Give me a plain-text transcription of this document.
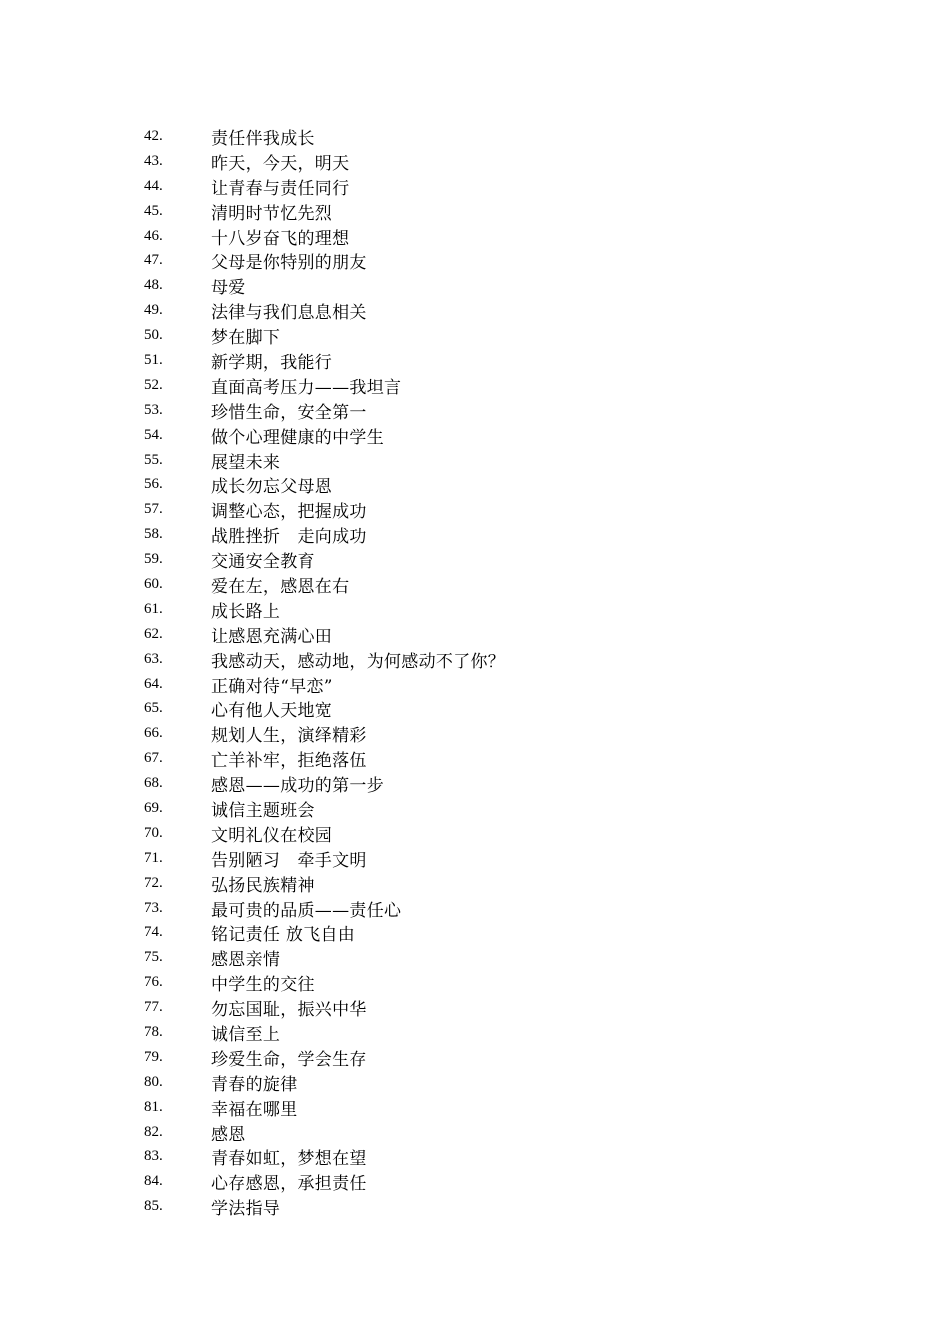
42.	责任伴我成长
43.	昨天，今天，明天
44.	让青春与责任同行
45.	清明时节忆先烈
46.	十八岁奋飞的理想
47.	父母是你特别的朋友
48.	母爱
49.	法律与我们息息相关
50.	梦在脚下
51.	新学期，我能行
52.	直面高考压力——我坦言
53.	珍惜生命，安全第一
54.	做个心理健康的中学生
55.	展望未来
56.	成长勿忘父母恩
57.	调整心态，把握成功
58.	战胜挫折　走向成功
59.	交通安全教育
60.	爱在左，感恩在右
61.	成长路上
62.	让感恩充满心田
63.	我感动天，感动地，为何感动不了你？
64.	正确对待“早恋”
65.	心有他人天地宽
66.	规划人生，演绎精彩
67.	亡羊补牢，拒绝落伍
68.	感恩——成功的第一步
69.	诚信主题班会
70.	文明礼仪在校园
71.	告别陋习　牵手文明
72.	弘扬民族精神
73.	最可贵的品质——责任心
74.	铭记责任 放飞自由
75.	感恩亲情
76.	中学生的交往
77.	勿忘国耻，振兴中华
78.	诚信至上
79.	珍爱生命，学会生存
80.	青春的旋律
81.	幸福在哪里
82.	感恩
83.	青春如虹，梦想在望
84.	心存感恩，承担责任
85.	学法指导
